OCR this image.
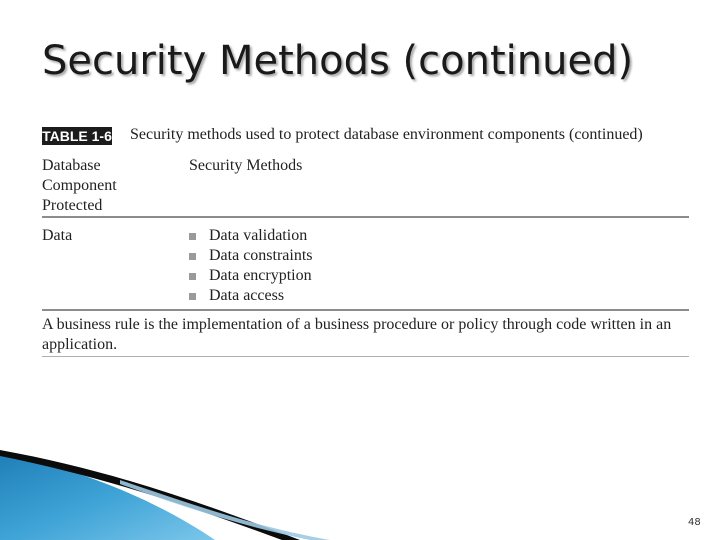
Security Methods (continued)
TABLE 1-6 Security methods used to protect database environment components (continued)
Database Component Protected
Security Methods
Data	Data validation
Data constraints
Data encryption
Data access
A business rule is the implementation of a business procedure or policy through code written in an application.
48
